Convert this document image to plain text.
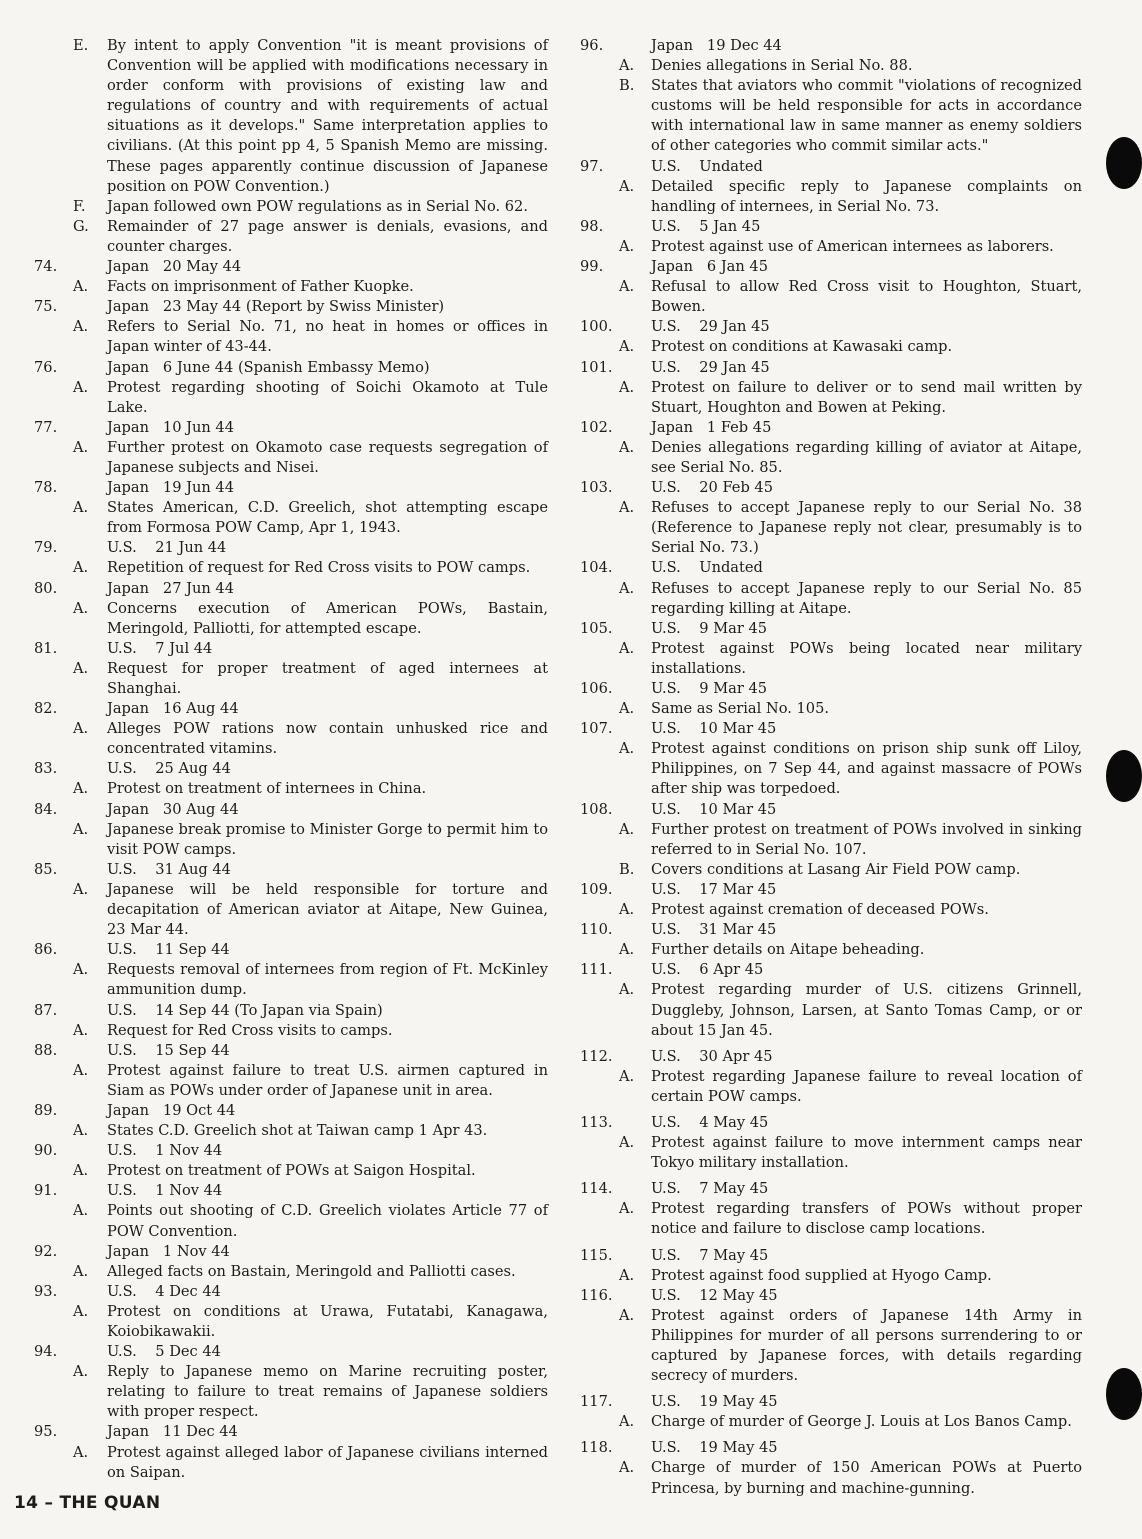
E. By intent to apply Convention "it is meant provisions of Convention will be applied with modifications necessary in order conform with provisions of existing law and regulations of country and with requirements of actual situations as it develops." Same interpretation applies to civilians. (At this point pp 4, 5 Spanish Memo are missing. These pages apparently continue discussion of Japanese position on POW Convention.)
F. Japan followed own POW regulations as in Serial No. 62.
G. Remainder of 27 page answer is denials, evasions, and counter charges.
74.	Japan   20 May 44
A. Facts on imprisonment of Father Kuopke.
75.	Japan   23 May 44 (Report by Swiss Minister)
A. Refers to Serial No. 71, no heat in homes or offices in Japan winter of 43-44.
76.	Japan   6 June 44 (Spanish Embassy Memo)
A. Protest regarding shooting of Soichi Okamoto at Tule Lake.
77.	Japan   10 Jun 44
A. Further protest on Okamoto case requests segregation of Japanese subjects and Nisei.
78.	Japan   19 Jun 44
A. States American, C.D. Greelich, shot attempting escape from Formosa POW Camp, Apr 1, 1943.
79.	U.S.    21 Jun 44
A. Repetition of request for Red Cross visits to POW camps.
80.	Japan   27 Jun 44
A. Concerns execution of American POWs, Bastain, Meringold, Palliotti, for attempted escape.
81.	U.S.    7 Jul 44
A. Request for proper treatment of aged internees at Shanghai.
82.	Japan   16 Aug 44
A. Alleges POW rations now contain unhusked rice and concentrated vitamins.
83.	U.S.    25 Aug 44
A. Protest on treatment of internees in China.
84.	Japan   30 Aug 44
A. Japanese break promise to Minister Gorge to permit him to visit POW camps.
85.	U.S.    31 Aug 44
A. Japanese will be held responsible for torture and decapitation of American aviator at Aitape, New Guinea, 23 Mar 44.
86.	U.S.    11 Sep 44
A. Requests removal of internees from region of Ft. McKinley ammunition dump.
87.	U.S.    14 Sep 44 (To Japan via Spain)
A. Request for Red Cross visits to camps.
88.	U.S.    15 Sep 44
A. Protest against failure to treat U.S. airmen captured in Siam as POWs under order of Japanese unit in area.
89.	Japan   19 Oct 44
A. States C.D. Greelich shot at Taiwan camp 1 Apr 43.
90.	U.S.    1 Nov 44
A. Protest on treatment of POWs at Saigon Hospital.
91.	U.S.    1 Nov 44
A. Points out shooting of C.D. Greelich violates Article 77 of POW Convention.
92.	Japan   1 Nov 44
A. Alleged facts on Bastain, Meringold and Palliotti cases.
93.	U.S.    4 Dec 44
A. Protest on conditions at Urawa, Futatabi, Kanagawa, Koiobikawakii.
94.	U.S.    5 Dec 44
A. Reply to Japanese memo on Marine recruiting poster, relating to failure to treat remains of Japanese soldiers with proper respect.
95.	Japan   11 Dec 44
A. Protest against alleged labor of Japanese civilians interned on Saipan.
96.	Japan   19 Dec 44
A. Denies allegations in Serial No. 88.
B. States that aviators who commit "violations of recognized customs will be held responsible for acts in accordance with international law in same manner as enemy soldiers of other categories who commit similar acts."
97.	U.S.    Undated
A. Detailed specific reply to Japanese complaints on handling of internees, in Serial No. 73.
98.	U.S.    5 Jan 45
A. Protest against use of American internees as laborers.
99.	Japan   6 Jan 45
A. Refusal to allow Red Cross visit to Houghton, Stuart, Bowen.
100.	U.S.    29 Jan 45
A. Protest on conditions at Kawasaki camp.
101.	U.S.    29 Jan 45
A. Protest on failure to deliver or to send mail written by Stuart, Houghton and Bowen at Peking.
102.	Japan   1 Feb 45
A. Denies allegations regarding killing of aviator at Aitape, see Serial No. 85.
103.	U.S.    20 Feb 45
A. Refuses to accept Japanese reply to our Serial No. 38 (Reference to Japanese reply not clear, presumably is to Serial No. 73.)
104.	U.S.    Undated
A. Refuses to accept Japanese reply to our Serial No. 85 regarding killing at Aitape.
105.	U.S.    9 Mar 45
A. Protest against POWs being located near military installations.
106.	U.S.    9 Mar 45
A. Same as Serial No. 105.
107.	U.S.    10 Mar 45
A. Protest against conditions on prison ship sunk off Liloy, Philippines, on 7 Sep 44, and against massacre of POWs after ship was torpedoed.
108.	U.S.    10 Mar 45
A. Further protest on treatment of POWs involved in sinking referred to in Serial No. 107.
B. Covers conditions at Lasang Air Field POW camp.
109.	U.S.    17 Mar 45
A. Protest against cremation of deceased POWs.
110.	U.S.    31 Mar 45
A. Further details on Aitape beheading.
111.	U.S.    6 Apr 45
A. Protest regarding murder of U.S. citizens Grinnell, Duggleby, Johnson, Larsen, at Santo Tomas Camp, or or about 15 Jan 45.
112.	U.S.    30 Apr 45
A. Protest regarding Japanese failure to reveal location of certain POW camps.
113.	U.S.    4 May 45
A. Protest against failure to move internment camps near Tokyo military installation.
114.	U.S.    7 May 45
A. Protest regarding transfers of POWs without proper notice and failure to disclose camp locations.
115.	U.S.    7 May 45
A. Protest against food supplied at Hyogo Camp.
116.	U.S.    12 May 45
A. Protest against orders of Japanese 14th Army in Philippines for murder of all persons surrendering to or captured by Japanese forces, with details regarding secrecy of murders.
117.	U.S.    19 May 45
A. Charge of murder of George J. Louis at Los Banos Camp.
118.	U.S.    19 May 45
A. Charge of murder of 150 American POWs at Puerto Princesa, by burning and machine-gunning.
14 – THE QUAN
